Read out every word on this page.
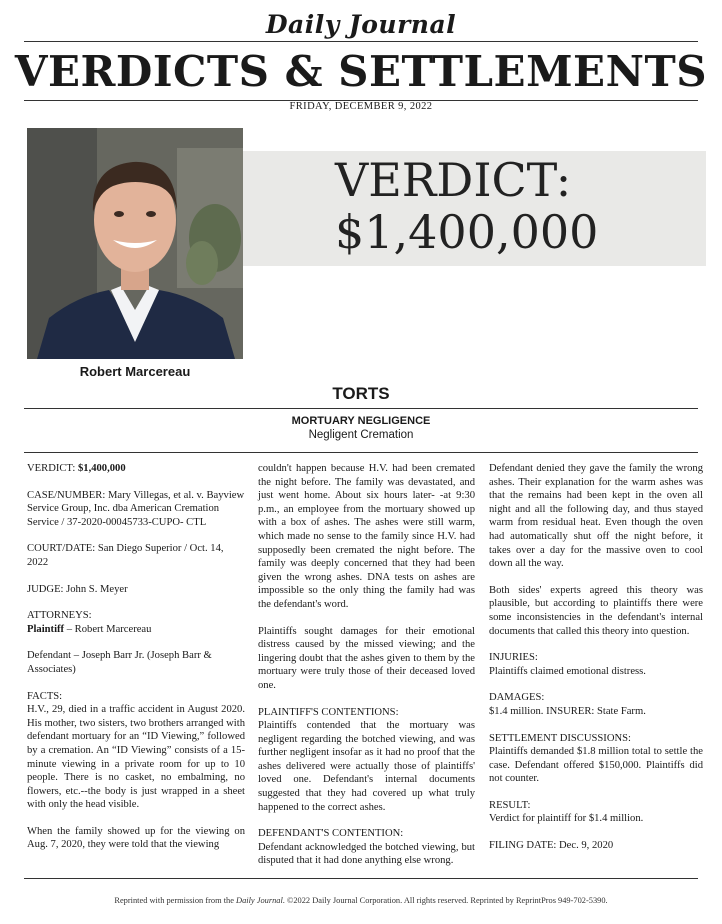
Daily Journal
VERDICTS & SETTLEMENTS
FRIDAY, DECEMBER 9, 2022
Robert Marcereau
VERDICT:
$1,400,000
TORTS
MORTUARY NEGLIGENCE
Negligent Cremation

VERDICT: $1,400,000

CASE/NUMBER: Mary Villegas, et al. v. Bayview Service Group, Inc. dba American Cremation Service / 37-2020-00045733-CUPO- CTL

COURT/DATE: San Diego Superior / Oct. 14, 2022

JUDGE: John S. Meyer

ATTORNEYS:
Plaintiff – Robert Marcereau

Defendant – Joseph Barr Jr. (Joseph Barr & Associates)

FACTS:
H.V., 29, died in a traffic accident in August 2020. His mother, two sisters, two brothers arranged with defendant mortuary for an “ID Viewing,” followed by a cremation. An “ID Viewing” consists of a 15-minute viewing in a private room for up to 10 people. There is no casket, no embalming, no flowers, etc.--the body is just wrapped in a sheet with only the head visible.

When the family showed up for the viewing on Aug. 7, 2020, they were told that the viewing

couldn't happen because H.V. had been cremated the night before. The family was devastated, and just went home. About six hours later- -at 9:30 p.m., an employee from the mortuary showed up with a box of ashes. The ashes were still warm, which made no sense to the family since H.V. had supposedly been cremated the night before. The family was deeply concerned that they had been given the wrong ashes. DNA tests on ashes are impossible so the only thing the family had was the defendant's word.

Plaintiffs sought damages for their emotional distress caused by the missed viewing; and the lingering doubt that the ashes given to them by the mortuary were truly those of their deceased loved one.

PLAINTIFF'S CONTENTIONS:
Plaintiffs contended that the mortuary was negligent regarding the botched viewing, and was further negligent insofar as it had no proof that the ashes delivered were actually those of plaintiffs' loved one. Defendant's internal documents suggested that they had covered up what truly happened to the correct ashes.

DEFENDANT'S CONTENTION:
Defendant acknowledged the botched viewing, but disputed that it had done anything else wrong.

Defendant denied they gave the family the wrong ashes. Their explanation for the warm ashes was that the remains had been kept in the oven all night and all the following day, and thus stayed warm from residual heat. Even though the oven had automatically shut off the night before, it takes over a day for the massive oven to cool down all the way.

Both sides' experts agreed this theory was plausible, but according to plaintiffs there were some inconsistencies in the defendant's internal documents that called this theory into question.

INJURIES:
Plaintiffs claimed emotional distress.

DAMAGES:
$1.4 million. INSURER: State Farm.

SETTLEMENT DISCUSSIONS:
Plaintiffs demanded $1.8 million total to settle the case. Defendant offered $150,000. Plaintiffs did not counter.

RESULT:
Verdict for plaintiff for $1.4 million.

FILING DATE: Dec. 9, 2020

Reprinted with permission from the Daily Journal. ©2022 Daily Journal Corporation. All rights reserved. Reprinted by ReprintPros 949-702-5390.
